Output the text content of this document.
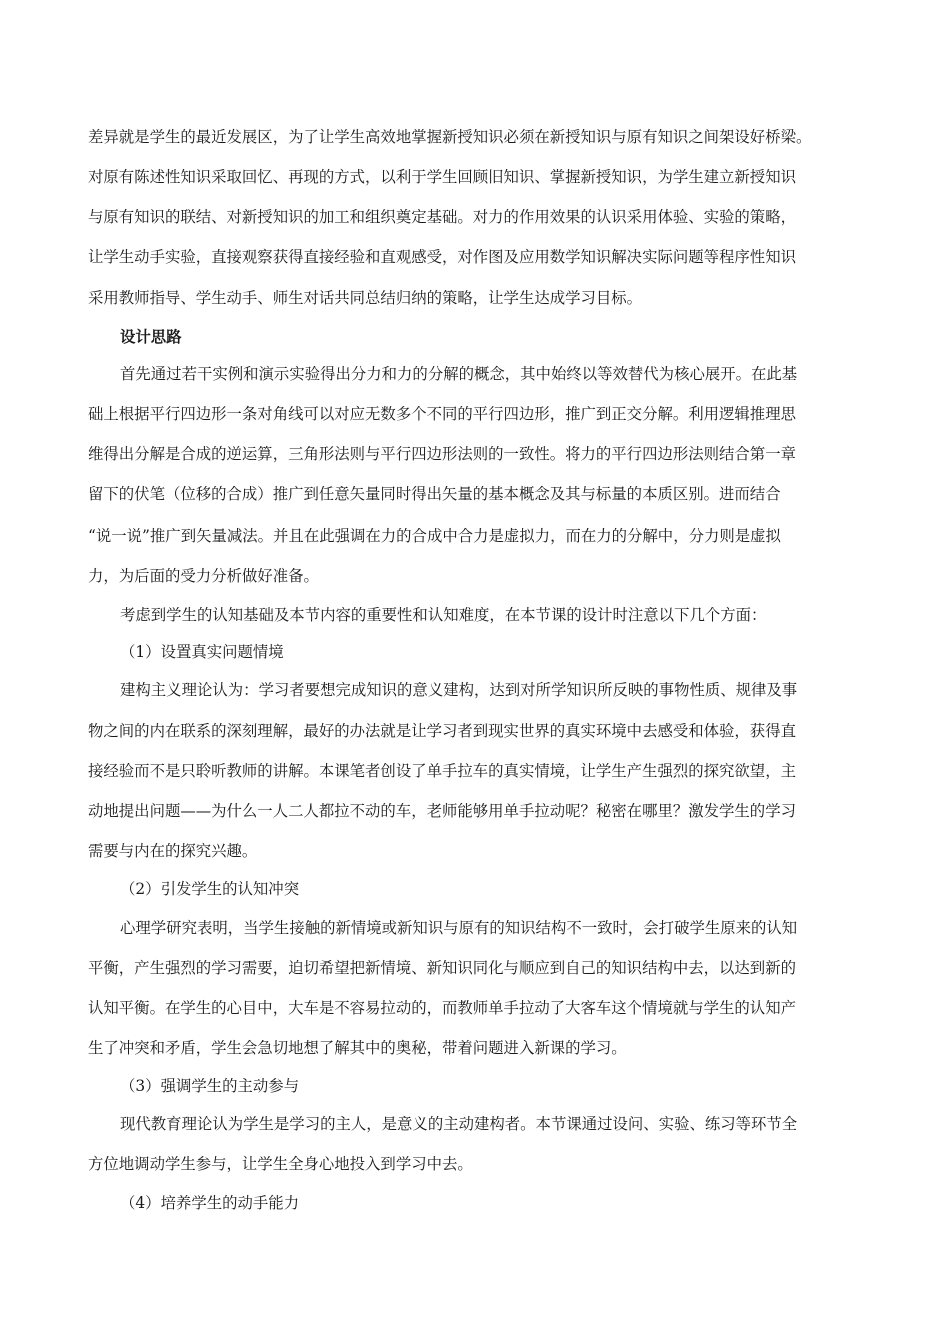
差异就是学生的最近发展区，为了让学生高效地掌握新授知识必须在新授知识与原有知识之间架设好桥梁。
对原有陈述性知识采取回忆、再现的方式，以利于学生回顾旧知识、掌握新授知识，为学生建立新授知识
与原有知识的联结、对新授知识的加工和组织奠定基础。对力的作用效果的认识采用体验、实验的策略，
让学生动手实验，直接观察获得直接经验和直观感受，对作图及应用数学知识解决实际问题等程序性知识
采用教师指导、学生动手、师生对话共同总结归纳的策略，让学生达成学习目标。
设计思路
首先通过若干实例和演示实验得出分力和力的分解的概念，其中始终以等效替代为核心展开。在此基
础上根据平行四边形一条对角线可以对应无数多个不同的平行四边形，推广到正交分解。利用逻辑推理思
维得出分解是合成的逆运算，三角形法则与平行四边形法则的一致性。将力的平行四边形法则结合第一章
留下的伏笔（位移的合成）推广到任意矢量同时得出矢量的基本概念及其与标量的本质区别。进而结合
“说一说”推广到矢量减法。并且在此强调在力的合成中合力是虚拟力，而在力的分解中，分力则是虚拟
力，为后面的受力分析做好准备。
考虑到学生的认知基础及本节内容的重要性和认知难度，在本节课的设计时注意以下几个方面：
（1）设置真实问题情境
建构主义理论认为：学习者要想完成知识的意义建构，达到对所学知识所反映的事物性质、规律及事
物之间的内在联系的深刻理解，最好的办法就是让学习者到现实世界的真实环境中去感受和体验，获得直
接经验而不是只聆听教师的讲解。本课笔者创设了单手拉车的真实情境，让学生产生强烈的探究欲望，主
动地提出问题——为什么一人二人都拉不动的车，老师能够用单手拉动呢？秘密在哪里？激发学生的学习
需要与内在的探究兴趣。
（2）引发学生的认知冲突
心理学研究表明，当学生接触的新情境或新知识与原有的知识结构不一致时，会打破学生原来的认知
平衡，产生强烈的学习需要，迫切希望把新情境、新知识同化与顺应到自己的知识结构中去，以达到新的
认知平衡。在学生的心目中，大车是不容易拉动的，而教师单手拉动了大客车这个情境就与学生的认知产
生了冲突和矛盾，学生会急切地想了解其中的奥秘，带着问题进入新课的学习。
（3）强调学生的主动参与
现代教育理论认为学生是学习的主人，是意义的主动建构者。本节课通过设问、实验、练习等环节全
方位地调动学生参与，让学生全身心地投入到学习中去。
（4）培养学生的动手能力
